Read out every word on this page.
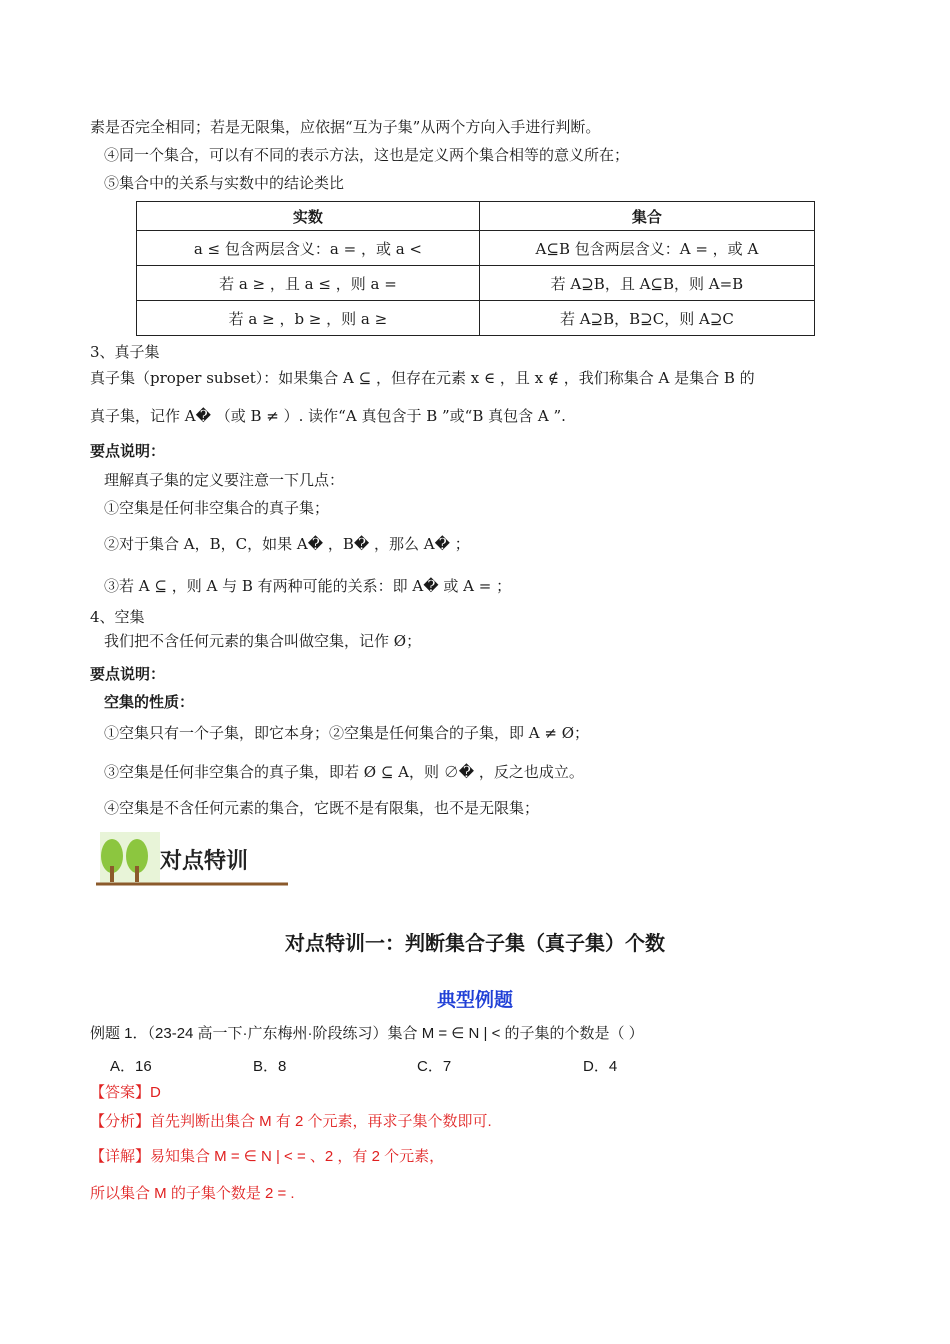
素是否完全相同；若是无限集，应依据“互为子集”从两个方向入手进行判断。
④同一个集合，可以有不同的表示方法，这也是定义两个集合相等的意义所在；
⑤集合中的关系与实数中的结论类比
实数	集合
a ≤ 包含两层含义：a = ，或 a <	A⊆B 包含两层含义：A = ，或 A
若 a ≥ ，且 a ≤ ，则 a =	若 A⊇B，且 A⊆B，则 A=B
若 a ≥ ，b ≥ ，则 a ≥	若 A⊇B，B⊇C，则 A⊇C
3、真子集
真子集（proper subset）：如果集合 A ⊆ ，但存在元素 x ∈ ，且 x ∉ ，我们称集合 A 是集合 B 的
真子集，记作 A� （或 B ≠ ）. 读作“A 真包含于 B ”或“B 真包含 A ”.
要点说明：
理解真子集的定义要注意一下几点：
①空集是任何非空集合的真子集；
②对于集合 A，B，C，如果 A� ，B� ，那么 A� ；
③若 A ⊆ ，则 A 与 B 有两种可能的关系：即 A� 或 A = ；
4、空集
我们把不含任何元素的集合叫做空集，记作 Ø；
要点说明：
空集的性质：
①空集只有一个子集，即它本身；②空集是任何集合的子集，即 A ≠ Ø；
③空集是任何非空集合的真子集，即若 Ø ⊆ A，则 ∅� ，反之也成立。
④空集是不含任何元素的集合，它既不是有限集，也不是无限集；
对点特训
对点特训一：判断集合子集（真子集）个数
典型例题
例题 1．（23-24 高一下·广东梅州·阶段练习）集合 M = ∈ N | < 的子集的个数是（ ）
A．16	B．8	C．7	D．4
【答案】D
【分析】首先判断出集合 M 有 2 个元素，再求子集个数即可.
【详解】易知集合 M = ∈ N | < = 、2 ，有 2 个元素，
所以集合 M 的子集个数是 2 = .
